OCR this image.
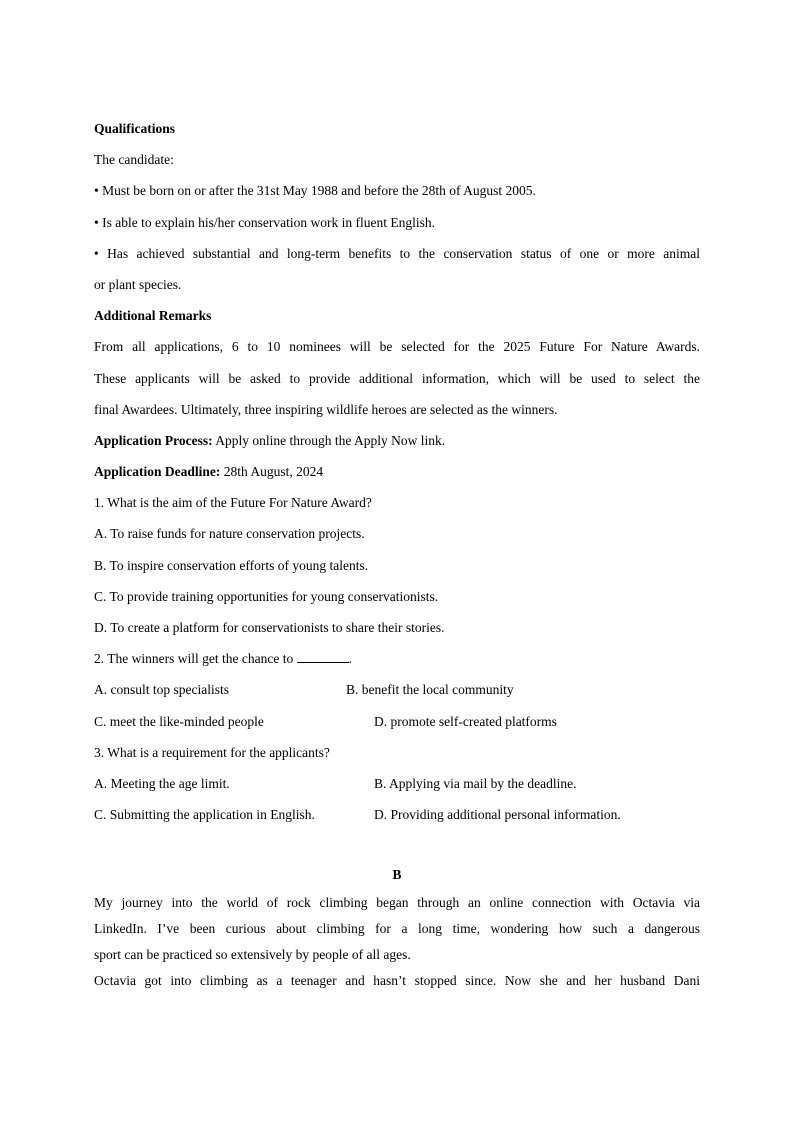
Qualifications
The candidate:
• Must be born on or after the 31st May 1988 and before the 28th of August 2005.
• Is able to explain his/her conservation work in fluent English.
• Has achieved substantial and long-term benefits to the conservation status of one or more animal
or plant species.
Additional Remarks
From all applications, 6 to 10 nominees will be selected for the 2025 Future For Nature Awards.
These applicants will be asked to provide additional information, which will be used to select the
final Awardees. Ultimately, three inspiring wildlife heroes are selected as the winners.
Application Process: Apply online through the Apply Now link.
Application Deadline: 28th August, 2024
1. What is the aim of the Future For Nature Award?
A. To raise funds for nature conservation projects.
B. To inspire conservation efforts of young talents.
C. To provide training opportunities for young conservationists.
D. To create a platform for conservationists to share their stories.
2. The winners will get the chance to	.
A. consult top specialists	B. benefit the local community
C. meet the like-minded people	D. promote self-created platforms
3. What is a requirement for the applicants?
A. Meeting the age limit.	B. Applying via mail by the deadline.
C. Submitting the application in English.	D. Providing additional personal information.
B
My journey into the world of rock climbing began through an online connection with Octavia via
LinkedIn. I’ve been curious about climbing for a long time, wondering how such a dangerous
sport can be practiced so extensively by people of all ages.
Octavia got into climbing as a teenager and hasn’t stopped since. Now she and her husband Dani
